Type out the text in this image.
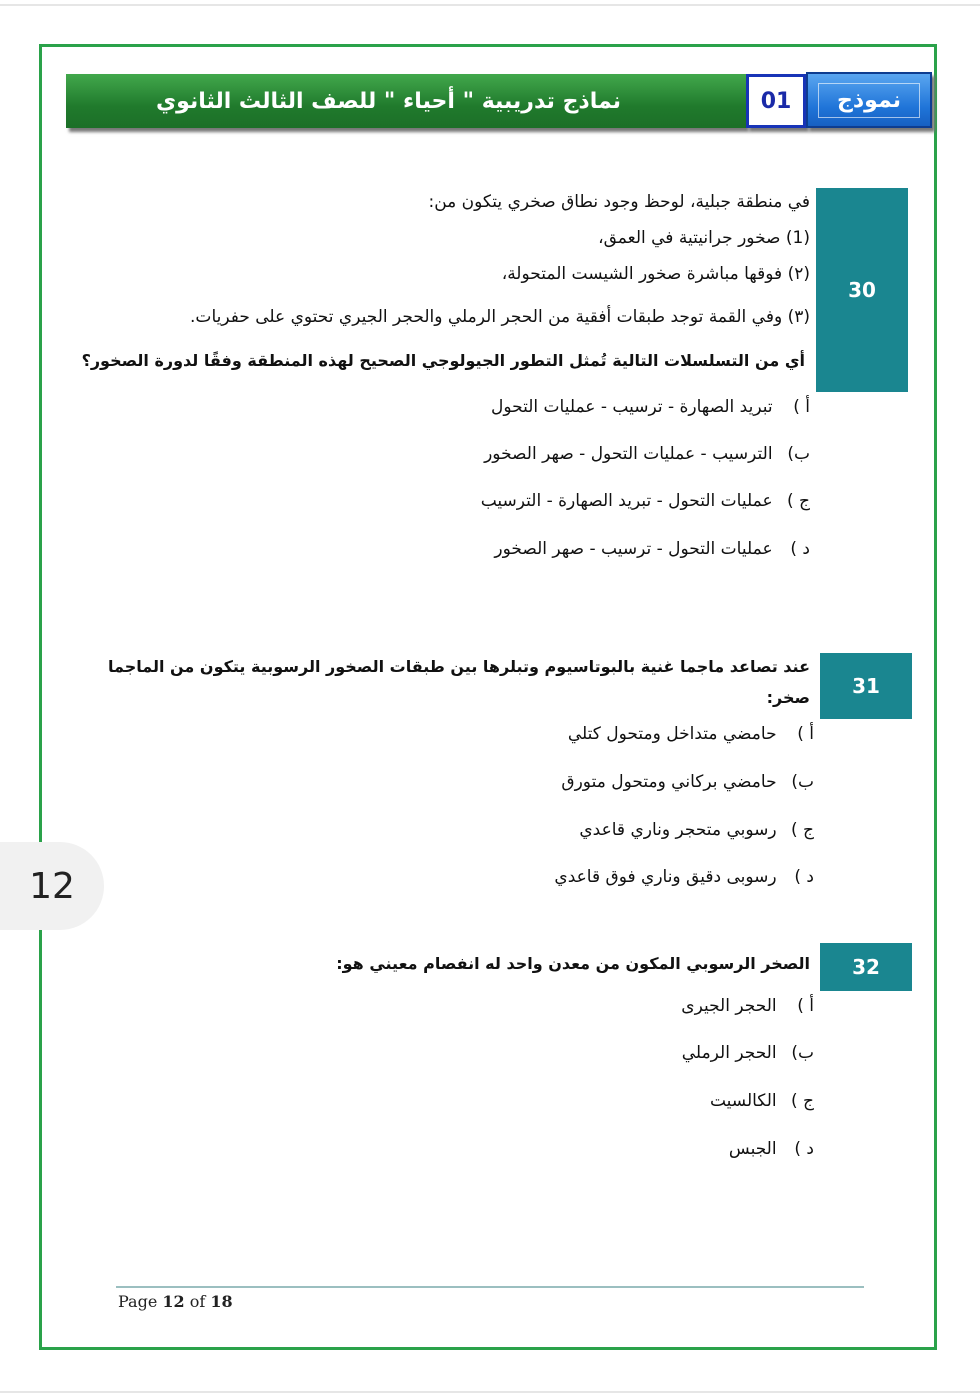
نماذج تدريبية " أحياء " للصف الثالث الثانوي	01	نموذج
30
في منطقة جبلية، لوحظ وجود نطاق صخري يتكون من:
(1) صخور جرانيتية في العمق،
(٢) فوقها مباشرة صخور الشيست المتحولة،
(٣) وفي القمة توجد طبقات أفقية من الحجر الرملي والحجر الجيري تحتوي على حفريات.
أي من التسلسلات التالية تُمثل التطور الجيولوجي الصحيح لهذه المنطقة وفقًا لدورة الصخور؟
أ ) تبريد الصهارة - ترسيب - عمليات التحول
ب) الترسيب - عمليات التحول - صهر الصخور
ج ) عمليات التحول - تبريد الصهارة - الترسيب
د ) عمليات التحول - ترسيب - صهر الصخور
31
عند تصاعد ماجما غنية بالبوتاسيوم وتبلرها بين طبقات الصخور الرسوبية يتكون من الماجما
صخر:
أ ) حامضي متداخل ومتحول كتلي
ب) حامضي بركاني ومتحول متورق
ج ) رسوبي متحجر وناري قاعدي
د ) رسوبى دقيق وناري فوق قاعدي
32
الصخر الرسوبي المكون من معدن واحد له انفصام معيني هو:
أ ) الحجر الجيرى
ب) الحجر الرملي
ج ) الكالسيت
د ) الجبس
12
Page 12 of 18
